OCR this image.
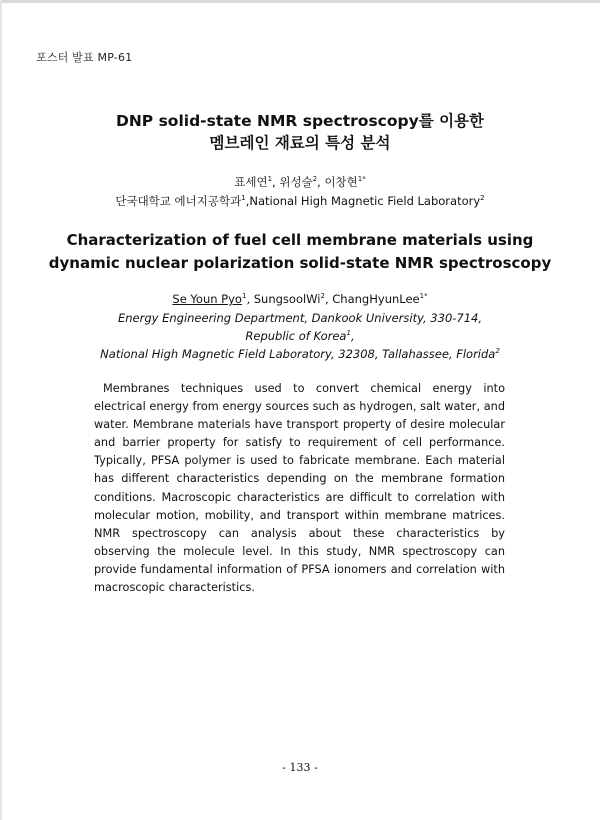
포스터 발표 MP-61
DNP solid-state NMR spectroscopy를 이용한
멤브레인 재료의 특성 분석
표세연$^1$, 위성술$^2$, 이창현$^{1*}$
단국대학교 에너지공학과$^1$,National High Magnetic Field Laboratory$^2$
Characterization of fuel cell membrane materials using
dynamic nuclear polarization solid-state NMR spectroscopy
Se Youn Pyo$^1$, SungsoolWi$^2$, ChangHyunLee$^{1*}$
Energy Engineering Department, Dankook University, 330-714,
Republic of Korea$^1$,
National High Magnetic Field Laboratory, 32308, Tallahassee, Florida$^2$

Membranes techniques used to convert chemical energy into electrical energy from energy sources such as hydrogen, salt water, and water. Membrane materials have transport property of desire molecular and barrier property for satisfy to requirement of cell performance. Typically, PFSA polymer is used to fabricate membrane. Each material has different characteristics depending on the membrane formation conditions. Macroscopic characteristics are difficult to correlation with molecular motion, mobility, and transport within membrane matrices. NMR spectroscopy can analysis about these characteristics by observing the molecule level. In this study, NMR spectroscopy can provide fundamental information of PFSA ionomers and correlation with macroscopic characteristics.

- 133 -
